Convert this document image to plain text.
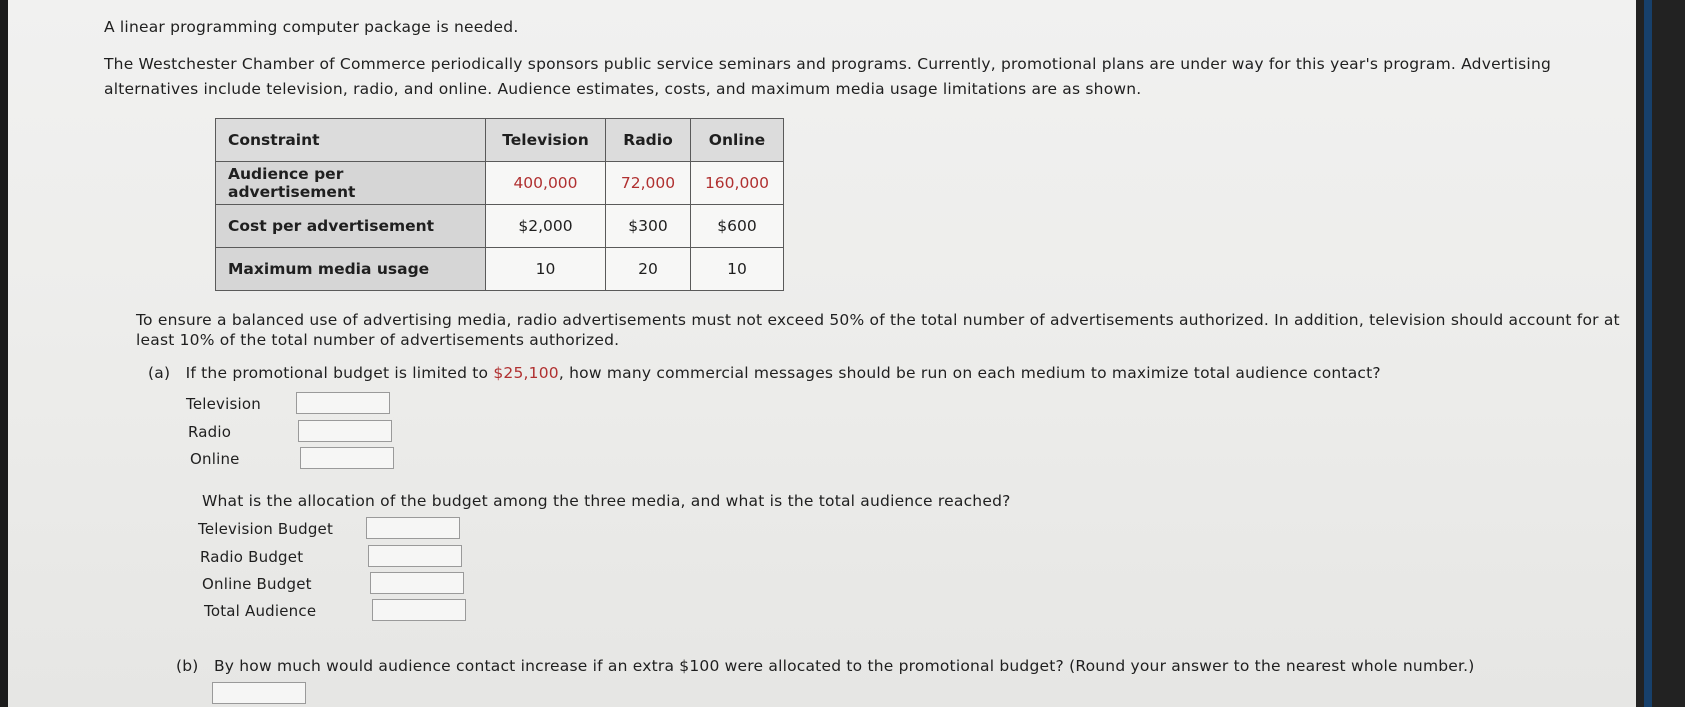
A linear programming computer package is needed.
The Westchester Chamber of Commerce periodically sponsors public service seminars and programs. Currently, promotional plans are under way for this year's program. Advertising alternatives include television, radio, and online. Audience estimates, costs, and maximum media usage limitations are as shown.
Constraint	Television	Radio	Online
Audience per advertisement	400,000	72,000	160,000
Cost per advertisement	$2,000	$300	$600
Maximum media usage	10	20	10
To ensure a balanced use of advertising media, radio advertisements must not exceed 50% of the total number of advertisements authorized. In addition, television should account for at least 10% of the total number of advertisements authorized.
(a) If the promotional budget is limited to $25,100, how many commercial messages should be run on each medium to maximize total audience contact?
Television
Radio
Online
What is the allocation of the budget among the three media, and what is the total audience reached?
Television Budget
Radio Budget
Online Budget
Total Audience
(b) By how much would audience contact increase if an extra $100 were allocated to the promotional budget? (Round your answer to the nearest whole number.)
